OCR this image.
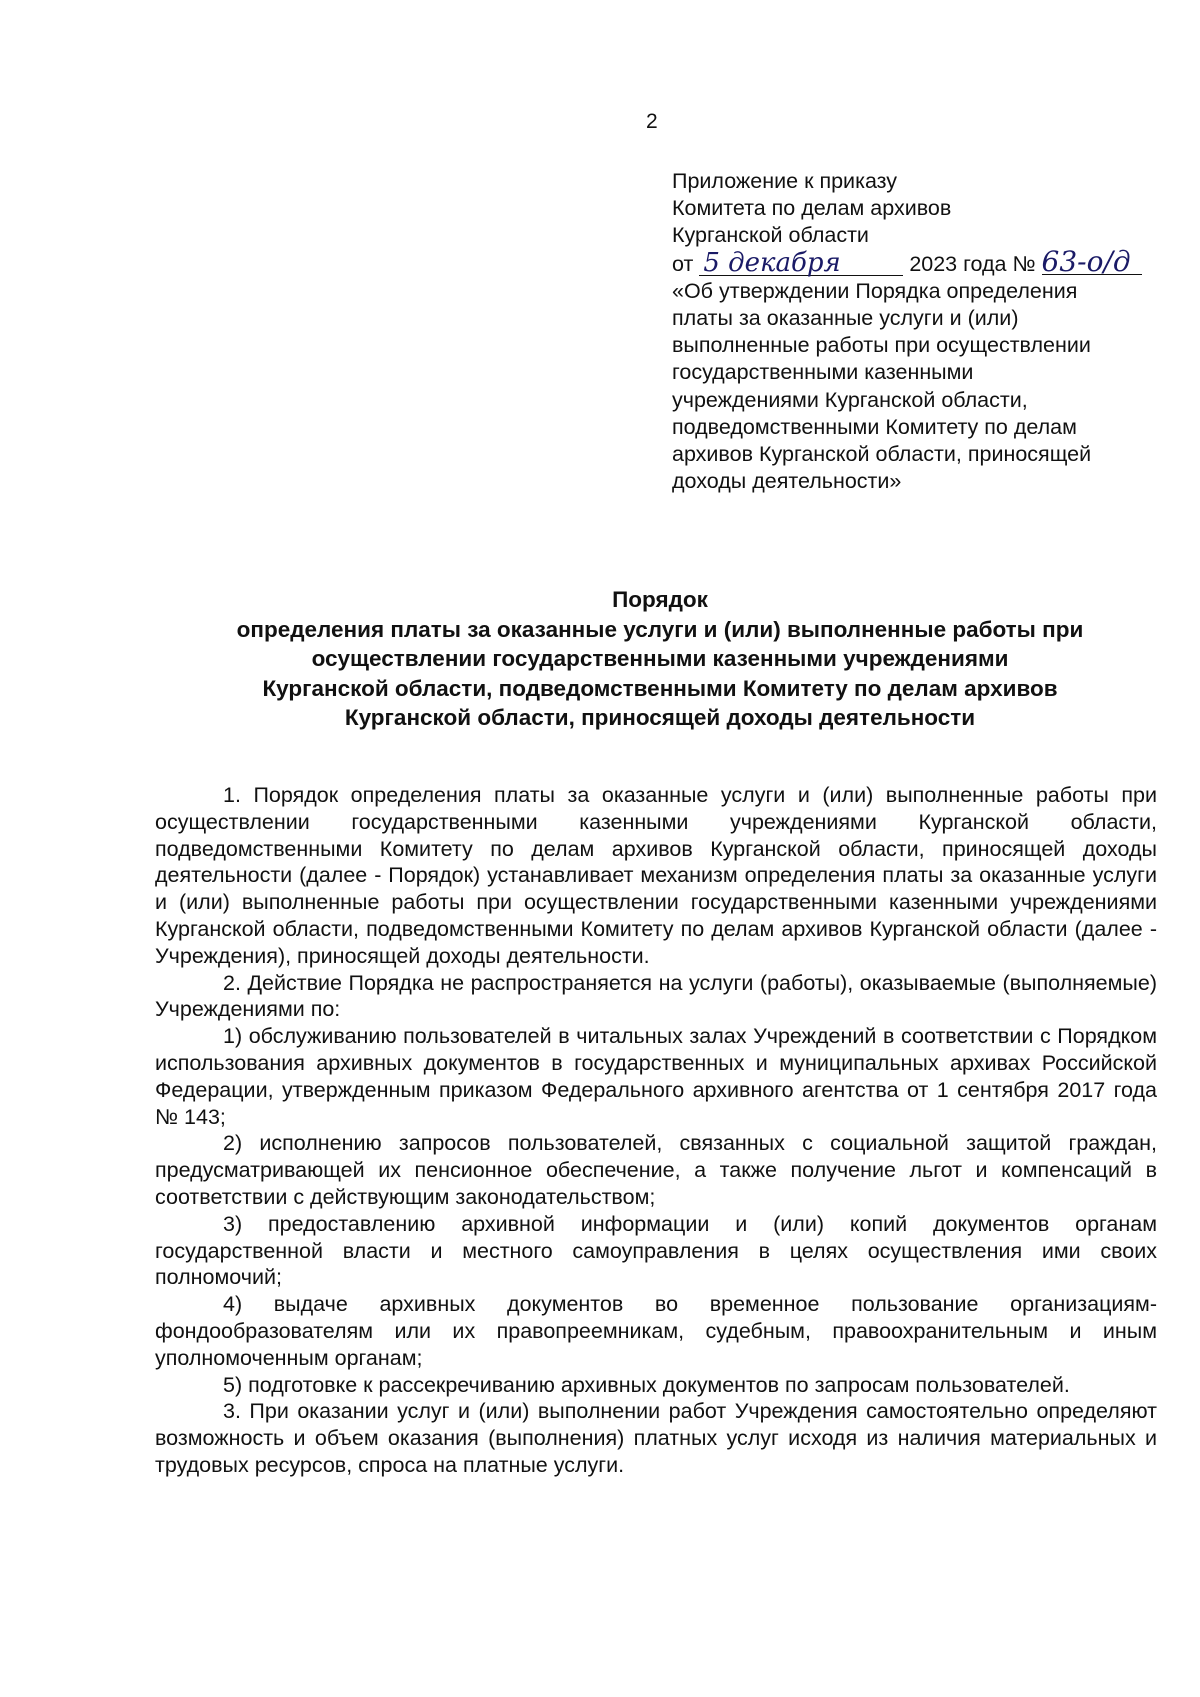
2
Приложение к приказу
Комитета по делам архивов
Курганской области
от 5 декабря	2023 года № 63-о/д
«Об утверждении Порядка определения
платы за оказанные услуги и (или)
выполненные работы при осуществлении
государственными казенными
учреждениями Курганской области,
подведомственными Комитету по делам
архивов Курганской области, приносящей
доходы деятельности»
Порядок
определения платы за оказанные услуги и (или) выполненные работы при
осуществлении государственными казенными учреждениями
Курганской области, подведомственными Комитету по делам архивов
Курганской области, приносящей доходы деятельности

1. Порядок определения платы за оказанные услуги и (или) выполненные работы при осуществлении государственными казенными учреждениями Курганской области, подведомственными Комитету по делам архивов Курганской области, приносящей доходы деятельности (далее - Порядок) устанавливает механизм определения платы за оказанные услуги и (или) выполненные работы при осуществлении государственными казенными учреждениями Курганской области, подведомственными Комитету по делам архивов Курганской области (далее - Учреждения), приносящей доходы деятельности.

2. Действие Порядка не распространяется на услуги (работы), оказываемые (выполняемые) Учреждениями по:

1) обслуживанию пользователей в читальных залах Учреждений в соответствии с Порядком использования архивных документов в государственных и муниципальных архивах Российской Федерации, утвержденным приказом Федерального архивного агентства от 1 сентября 2017 года № 143;

2) исполнению запросов пользователей, связанных с социальной защитой граждан, предусматривающей их пенсионное обеспечение, а также получение льгот и компенсаций в соответствии с действующим законодательством;

3) предоставлению архивной информации и (или) копий документов органам государственной власти и местного самоуправления в целях осуществления ими своих полномочий;

4) выдаче архивных документов во временное пользование организациям-фондообразователям или их правопреемникам, судебным, правоохранительным и иным уполномоченным органам;

5) подготовке к рассекречиванию архивных документов по запросам пользователей.

3. При оказании услуг и (или) выполнении работ Учреждения самостоятельно определяют возможность и объем оказания (выполнения) платных услуг исходя из наличия материальных и трудовых ресурсов, спроса на платные услуги.
